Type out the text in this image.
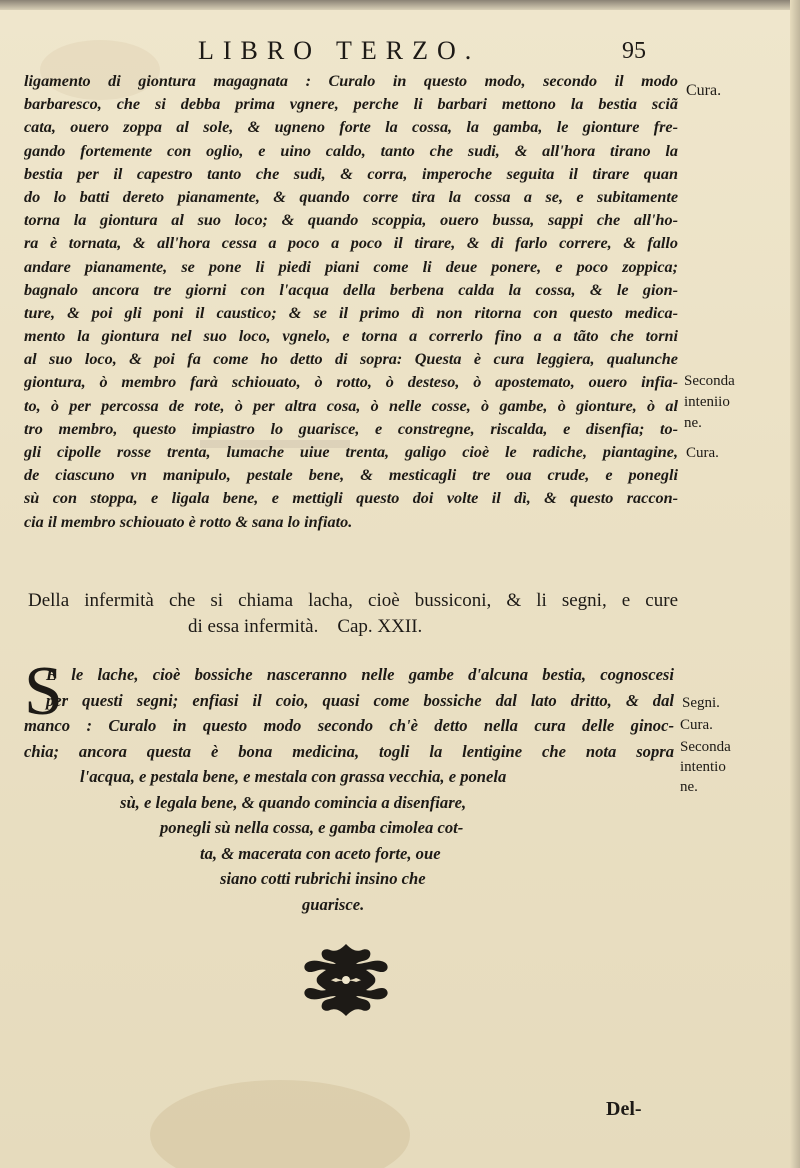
LIBRO TERZO.	95
ligamento di giontura magagnata : Curalo in questo modo, secondo il modo
barbaresco, che si debba prima vgnere, perche li barbari mettono la bestia sciã
cata, ouero zoppa al sole, & ugneno forte la cossa, la gamba, le gionture fre-
gando fortemente con oglio, e uino caldo, tanto che sudi, & all'hora tirano la
bestia per il capestro tanto che sudi, & corra, imperoche seguita il tirare quan
do lo batti dereto pianamente, & quando corre tira la cossa a se, e subitamente
torna la giontura al suo loco; & quando scoppia, ouero bussa, sappi che all'ho-
ra è tornata, & all'hora cessa a poco a poco il tirare, & di farlo correre, & fallo
andare pianamente, se pone li piedi piani come li deue ponere, e poco zoppica;
bagnalo ancora tre giorni con l'acqua della berbena calda la cossa, & le gion-
ture, & poi gli poni il caustico; & se il primo dì non ritorna con questo medica-
mento la giontura nel suo loco, vgnelo, e torna a correrlo fino a a tãto che torni
al suo loco, & poi fa come ho detto di sopra: Questa è cura leggiera, qualunche
giontura, ò membro farà schiouato, ò rotto, ò desteso, ò apostemato, ouero infia-
to, ò per percossa de rote, ò per altra cosa, ò nelle cosse, ò gambe, ò gionture, ò al
tro membro, questo impiastro lo guarisce, e constregne, riscalda, e disenfia; to-
gli cipolle rosse trenta, lumache uiue trenta, galigo cioè le radiche, piantagine,
de ciascuno vn manipulo, pestale bene, & mesticagli tre oua crude, e ponegli
sù con stoppa, e ligala bene, e mettigli questo doi volte il dì, & questo raccon-
cia il membro schiouato è rotto & sana lo infiato.
Cura.
Seconda
inteniio
ne.
Cura.
Della infermità che si chiama lacha, cioè bussiconi, & li segni, e cure
di essa infermità.    Cap. XXII.
S
E le lache, cioè bossiche nasceranno nelle gambe d'alcuna bestia, cognoscesi
per questi segni; enfiasi il coio, quasi come bossiche dal lato dritto, & dal
manco : Curalo in questo modo secondo ch'è detto nella cura delle ginoc-
chia; ancora questa è bona medicina, togli la lentigine che nota sopra
l'acqua, e pestala bene, e mestala con grassa vecchia, e ponela
sù, e legala bene, & quando comincia a disenfiare,
ponegli sù nella cossa, e gamba cimolea cot-
ta, & macerata con aceto forte, oue
siano cotti rubrichi insino che
guarisce.
Segni.
Cura.
Seconda
intentio
ne.
Del-
